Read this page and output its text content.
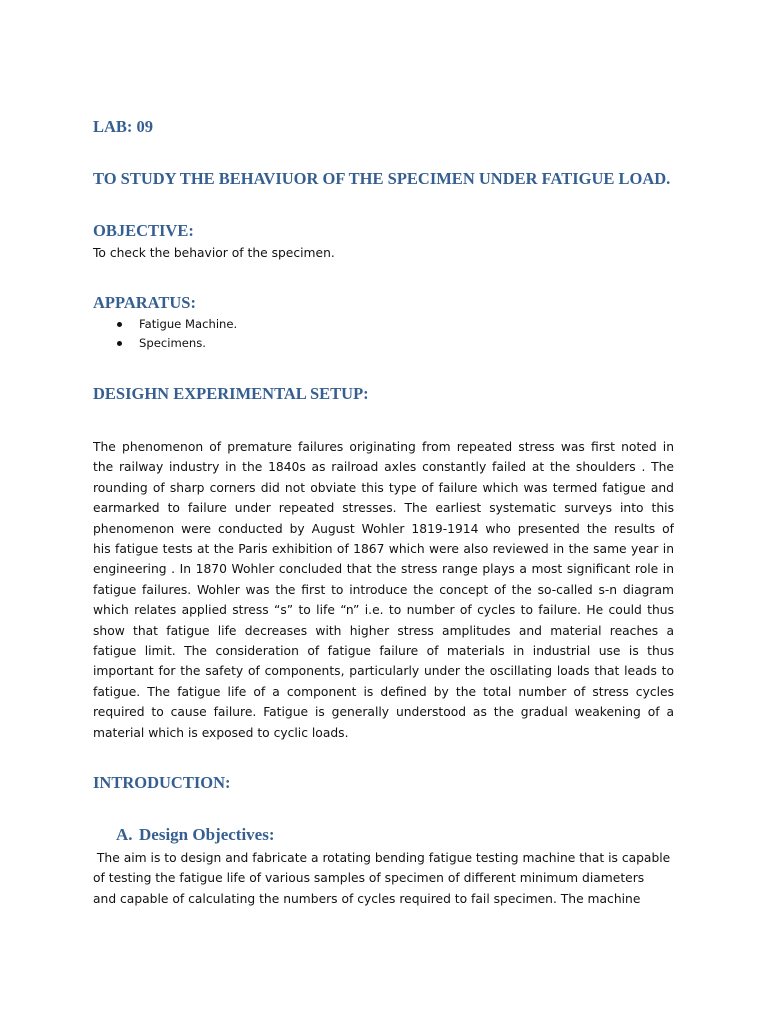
LAB: 09
TO STUDY THE BEHAVIUOR OF THE SPECIMEN UNDER FATIGUE LOAD.
OBJECTIVE:

To check the behavior of the specimen.

APPARATUS:
Fatigue Machine.
Specimens.
DESIGHN EXPERIMENTAL SETUP:
The phenomenon of premature failures originating from repeated stress was first noted in
the railway industry in the 1840s as railroad axles constantly failed at the shoulders . The
rounding of sharp corners did not obviate this type of failure which was termed fatigue and
earmarked to failure under repeated stresses. The earliest systematic surveys into this
phenomenon were conducted by August Wohler 1819-1914 who presented the results of
his fatigue tests at the Paris exhibition of 1867 which were also reviewed in the same year in
engineering . In 1870 Wohler concluded that the stress range plays a most significant role in
fatigue failures. Wohler was the first to introduce the concept of the so-called s-n diagram
which relates applied stress “s” to life “n” i.e. to number of cycles to failure. He could thus
show that fatigue life decreases with higher stress amplitudes and material reaches a
fatigue limit. The consideration of fatigue failure of materials in industrial use is thus
important for the safety of components, particularly under the oscillating loads that leads to
fatigue. The fatigue life of a component is defined by the total number of stress cycles
required to cause failure. Fatigue is generally understood as the gradual weakening of a
material which is exposed to cyclic loads.
INTRODUCTION:
A. Design Objectives:
The aim is to design and fabricate a rotating bending fatigue testing machine that is capable
of testing the fatigue life of various samples of specimen of different minimum diameters
and capable of calculating the numbers of cycles required to fail specimen. The machine
